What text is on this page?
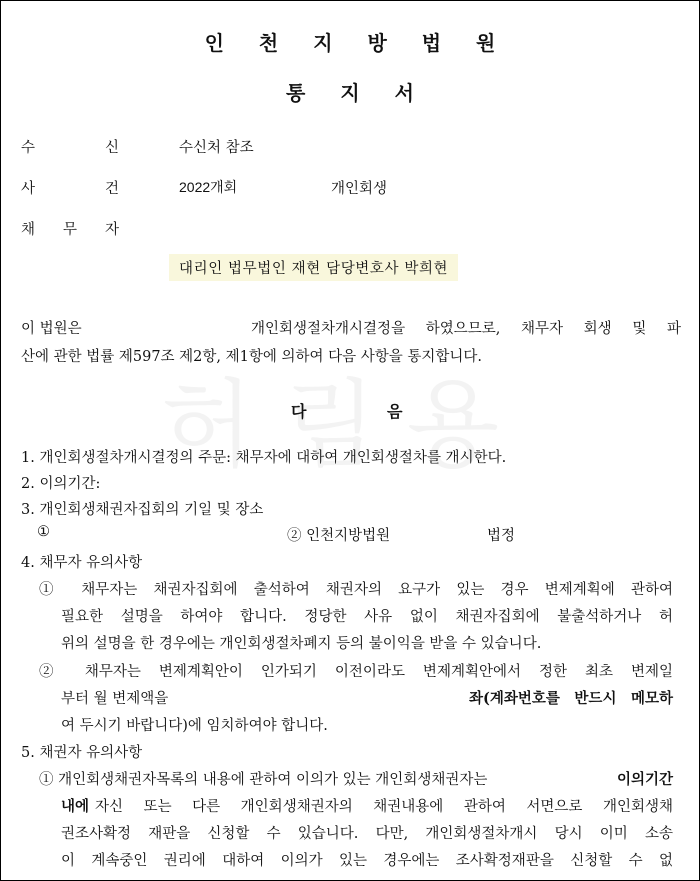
인 천 지 방 법 원
통 지 서
수	신	수신처 참조
사	건	2022개회	개인회생
채 무 자
대리인 법무법인 재현 담당변호사 박희현
이 법원은	개인회생절차개시결정을 하였으므로, 채무자 회생 및 파
산에 관한 법률 제597조 제2항, 제1항에 의하여 다음 사항을 통지합니다.
다	음
1. 개인회생절차개시결정의 주문: 채무자에 대하여 개인회생절차를 개시한다.
2. 이의기간:
3. 개인회생채권자집회의 기일 및 장소
①	② 인천지방법원	법정
4. 채무자 유의사항
① 채무자는 채권자집회에 출석하여 채권자의 요구가 있는 경우 변제계획에 관하여
필요한 설명을 하여야 합니다. 정당한 사유 없이 채권자집회에 불출석하거나 허
위의 설명을 한 경우에는 개인회생절차폐지 등의 불이익을 받을 수 있습니다.
② 채무자는 변제계획안이 인가되기 이전이라도 변제계획안에서 정한 최초 변제일
부터 월 변제액을	좌(계좌번호를 반드시 메모하
여 두시기 바랍니다)에 임치하여야 합니다.
5. 채권자 유의사항
① 개인회생채권자목록의 내용에 관하여 이의가 있는 개인회생채권자는	이의기간
내에 자신 또는 다른 개인회생채권자의 채권내용에 관하여 서면으로 개인회생채
권조사확정 재판을 신청할 수 있습니다. 다만, 개인회생절차개시 당시 이미 소송
이 계속중인 권리에 대하여 이의가 있는 경우에는 조사확정재판을 신청할 수 없
